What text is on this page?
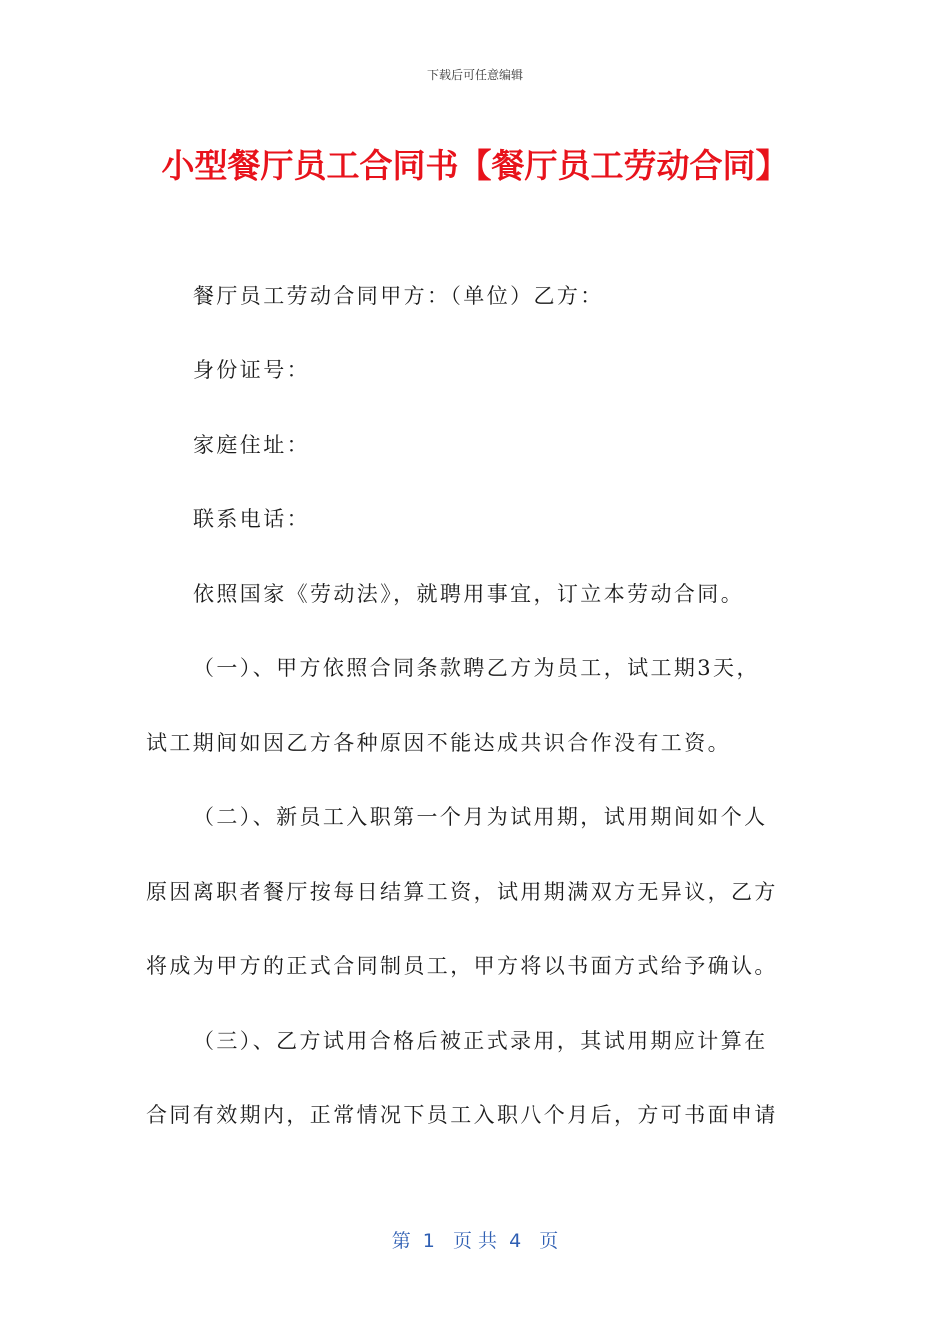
下载后可任意编辑
小型餐厅员工合同书【餐厅员工劳动合同】
餐厅员工劳动合同甲方：（单位）乙方：
身份证号：
家庭住址：
联系电话：
依照国家《劳动法》，就聘用事宜，订立本劳动合同。
（一）、甲方依照合同条款聘乙方为员工，试工期3天，
试工期间如因乙方各种原因不能达成共识合作没有工资。
（二）、新员工入职第一个月为试用期，试用期间如个人
原因离职者餐厅按每日结算工资，试用期满双方无异议，乙方
将成为甲方的正式合同制员工，甲方将以书面方式给予确认。
（三）、乙方试用合格后被正式录用，其试用期应计算在
合同有效期内，正常情况下员工入职八个月后，方可书面申请
第  1   页 共  4   页
